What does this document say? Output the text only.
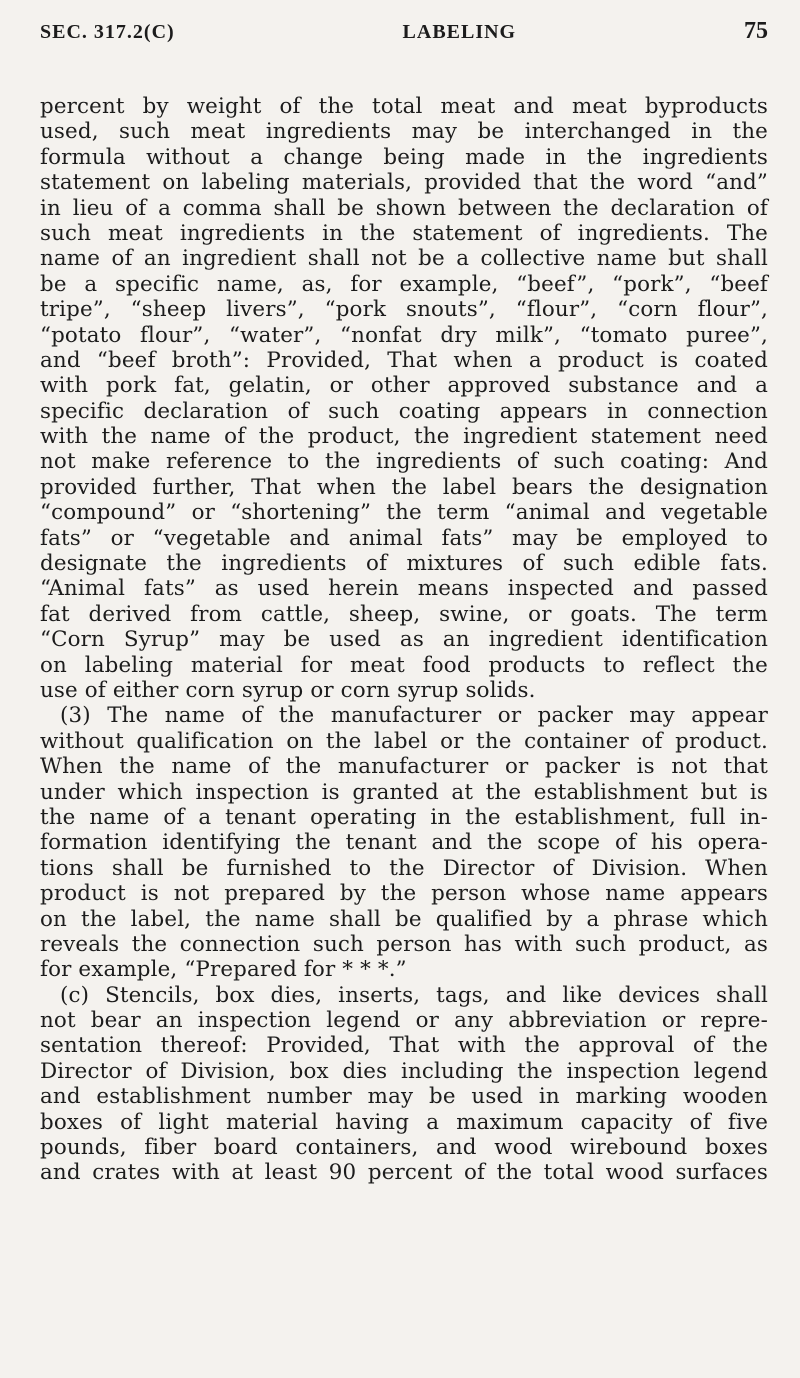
SEC. 317.2(C)	LABELING	75
percent by weight of the total meat and meat byproducts
used, such meat ingredients may be interchanged in the
formula without a change being made in the ingredients
statement on labeling materials, provided that the word “and”
in lieu of a comma shall be shown between the declaration of
such meat ingredients in the statement of ingredients. The
name of an ingredient shall not be a collective name but shall
be a specific name, as, for example, “beef”, “pork”, “beef
tripe”, “sheep livers”, “pork snouts”, “flour”, “corn flour”,
“potato flour”, “water”, “nonfat dry milk”, “tomato puree”,
and “beef broth”: Provided, That when a product is coated
with pork fat, gelatin, or other approved substance and a
specific declaration of such coating appears in connection
with the name of the product, the ingredient statement need
not make reference to the ingredients of such coating: And
provided further, That when the label bears the designation
“compound” or “shortening” the term “animal and vegetable
fats” or “vegetable and animal fats” may be employed to
designate the ingredients of mixtures of such edible fats.
“Animal fats” as used herein means inspected and passed
fat derived from cattle, sheep, swine, or goats. The term
“Corn Syrup” may be used as an ingredient identification
on labeling material for meat food products to reflect the
use of either corn syrup or corn syrup solids.
(3) The name of the manufacturer or packer may appear
without qualification on the label or the container of product.
When the name of the manufacturer or packer is not that
under which inspection is granted at the establishment but is
the name of a tenant operating in the establishment, full in-
formation identifying the tenant and the scope of his opera-
tions shall be furnished to the Director of Division. When
product is not prepared by the person whose name appears
on the label, the name shall be qualified by a phrase which
reveals the connection such person has with such product, as
for example, “Prepared for * * *.”
(c) Stencils, box dies, inserts, tags, and like devices shall
not bear an inspection legend or any abbreviation or repre-
sentation thereof: Provided, That with the approval of the
Director of Division, box dies including the inspection legend
and establishment number may be used in marking wooden
boxes of light material having a maximum capacity of five
pounds, fiber board containers, and wood wirebound boxes
and crates with at least 90 percent of the total wood surfaces
